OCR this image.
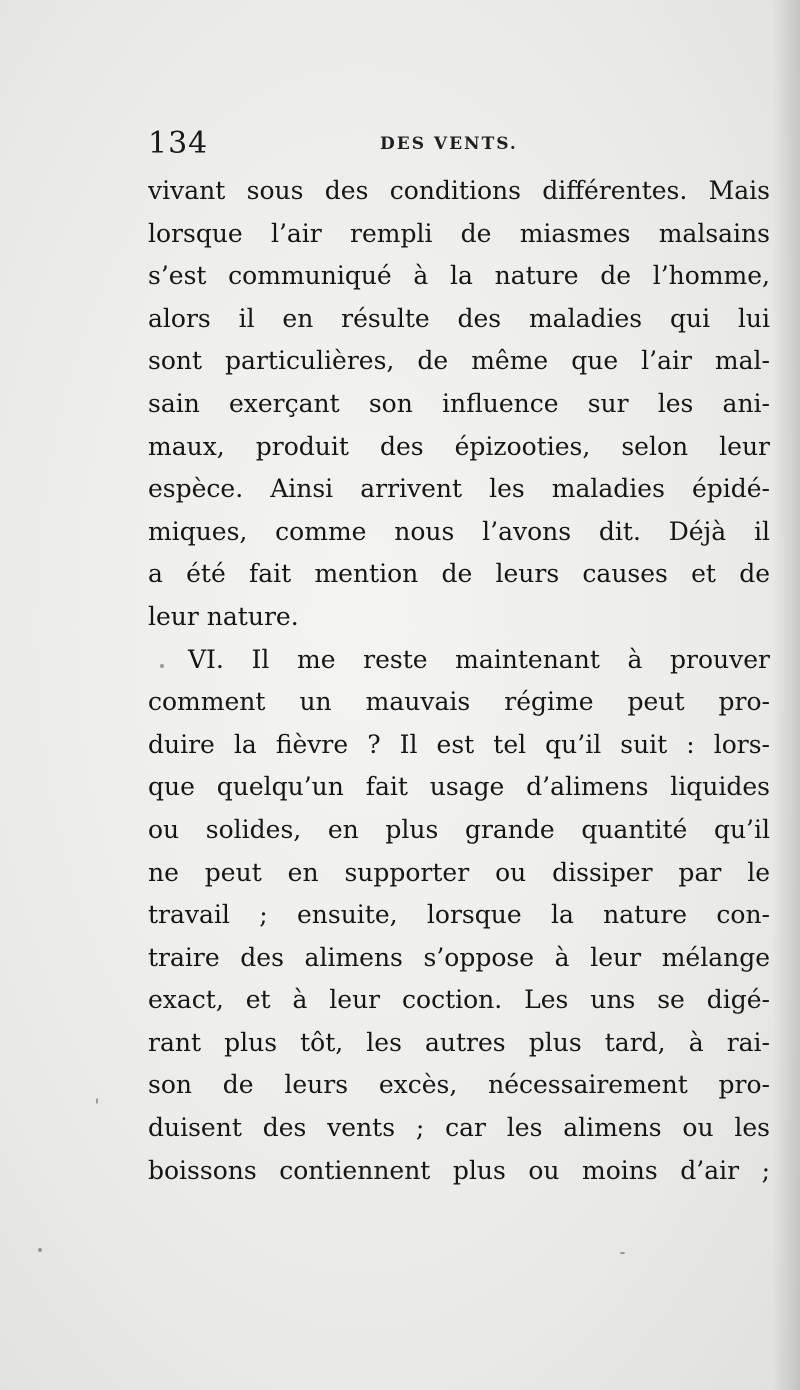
134	DES VENTS.
vivant sous des conditions différentes. Mais
lorsque l’air rempli de miasmes malsains
s’est communiqué à la nature de l’homme,
alors il en résulte des maladies qui lui
sont particulières, de même que l’air mal-
sain exerçant son influence sur les ani-
maux, produit des épizooties, selon leur
espèce. Ainsi arrivent les maladies épidé-
miques, comme nous l’avons dit. Déjà il
a été fait mention de leurs causes et de
leur nature.
VI. Il me reste maintenant à prouver
comment un mauvais régime peut pro-
duire la fièvre ? Il est tel qu’il suit : lors-
que quelqu’un fait usage d’alimens liquides
ou solides, en plus grande quantité qu’il
ne peut en supporter ou dissiper par le
travail ; ensuite, lorsque la nature con-
traire des alimens s’oppose à leur mélange
exact, et à leur coction. Les uns se digé-
rant plus tôt, les autres plus tard, à rai-
son de leurs excès, nécessairement pro-
duisent des vents ; car les alimens ou les
boissons contiennent plus ou moins d’air ;
